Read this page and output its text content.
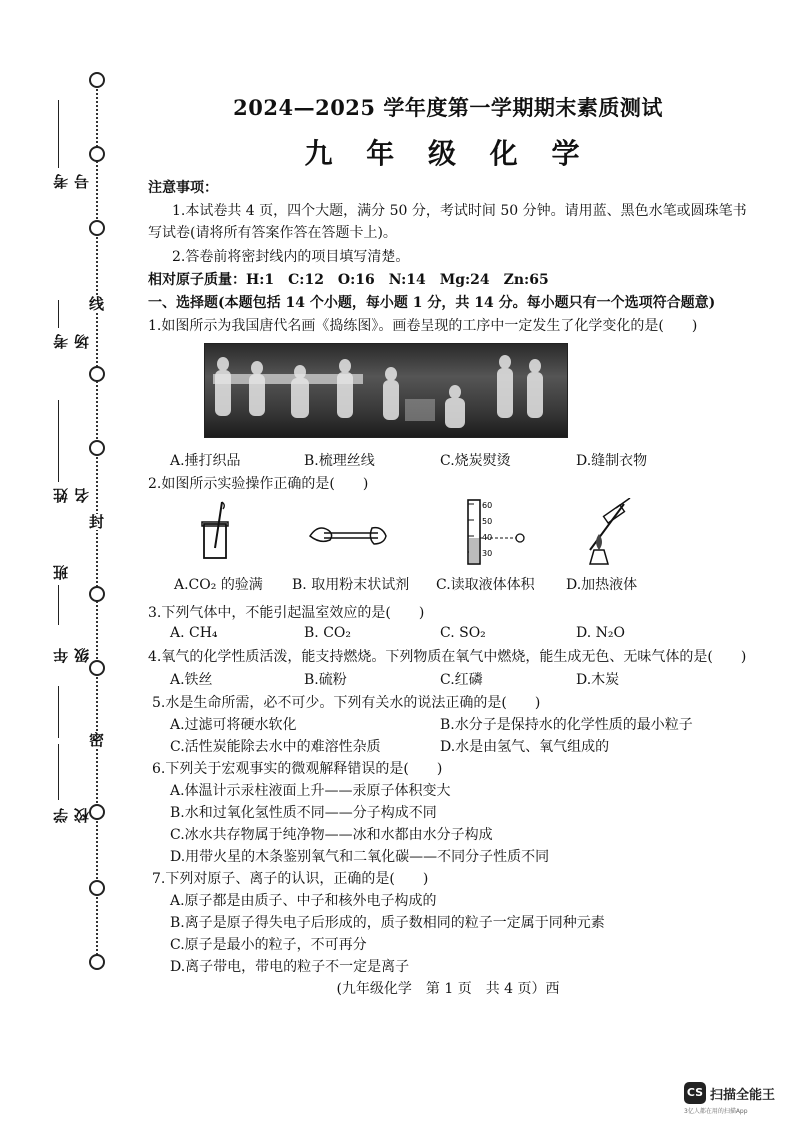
线
封
密
考号
考场
姓名
班
年级
学校
2024—2025 学年度第一学期期末素质测试
九 年 级 化 学
注意事项：
1.本试卷共 4 页，四个大题，满分 50 分，考试时间 50 分钟。请用蓝、黑色水笔或圆珠笔书
写试卷(请将所有答案作答在答题卡上)。
2.答卷前将密封线内的项目填写清楚。
相对原子质量：H:1　C:12　O:16　N:14　Mg:24　Zn:65
一、选择题(本题包括 14 个小题，每小题 1 分，共 14 分。每小题只有一个选项符合题意)
1.如图所示为我国唐代名画《捣练图》。画卷呈现的工序中一定发生了化学变化的是(　　)
A.捶打织品	B.梳理丝线	C.烧炭熨烫	D.缝制衣物
2.如图所示实验操作正确的是(　　)
60
50
40
30
A.CO₂ 的验满 B. 取用粉末状试剂 C.读取液体体积 D.加热液体
3.下列气体中，不能引起温室效应的是(　　)
A. CH₄	B. CO₂	C. SO₂	D. N₂O
4.氧气的化学性质活泼，能支持燃烧。下列物质在氧气中燃烧，能生成无色、无味气体的是(　　)
A.铁丝	B.硫粉	C.红磷	D.木炭
5.水是生命所需，必不可少。下列有关水的说法正确的是(　　)
A.过滤可将硬水软化	B.水分子是保持水的化学性质的最小粒子
C.活性炭能除去水中的难溶性杂质	D.水是由氢气、氧气组成的
6.下列关于宏观事实的微观解释错误的是(　　)
A.体温计示汞柱液面上升——汞原子体积变大
B.水和过氧化氢性质不同——分子构成不同
C.冰水共存物属于纯净物——冰和水都由水分子构成
D.用带火星的木条鉴别氧气和二氧化碳——不同分子性质不同
7.下列对原子、离子的认识，正确的是(　　)
A.原子都是由质子、中子和核外电子构成的
B.离子是原子得失电子后形成的，质子数相同的粒子一定属于同种元素
C.原子是最小的粒子，不可再分
D.离子带电，带电的粒子不一定是离子
(九年级化学　第 1 页　共 4 页）西
CS 扫描全能王
3亿人都在用的扫描App
